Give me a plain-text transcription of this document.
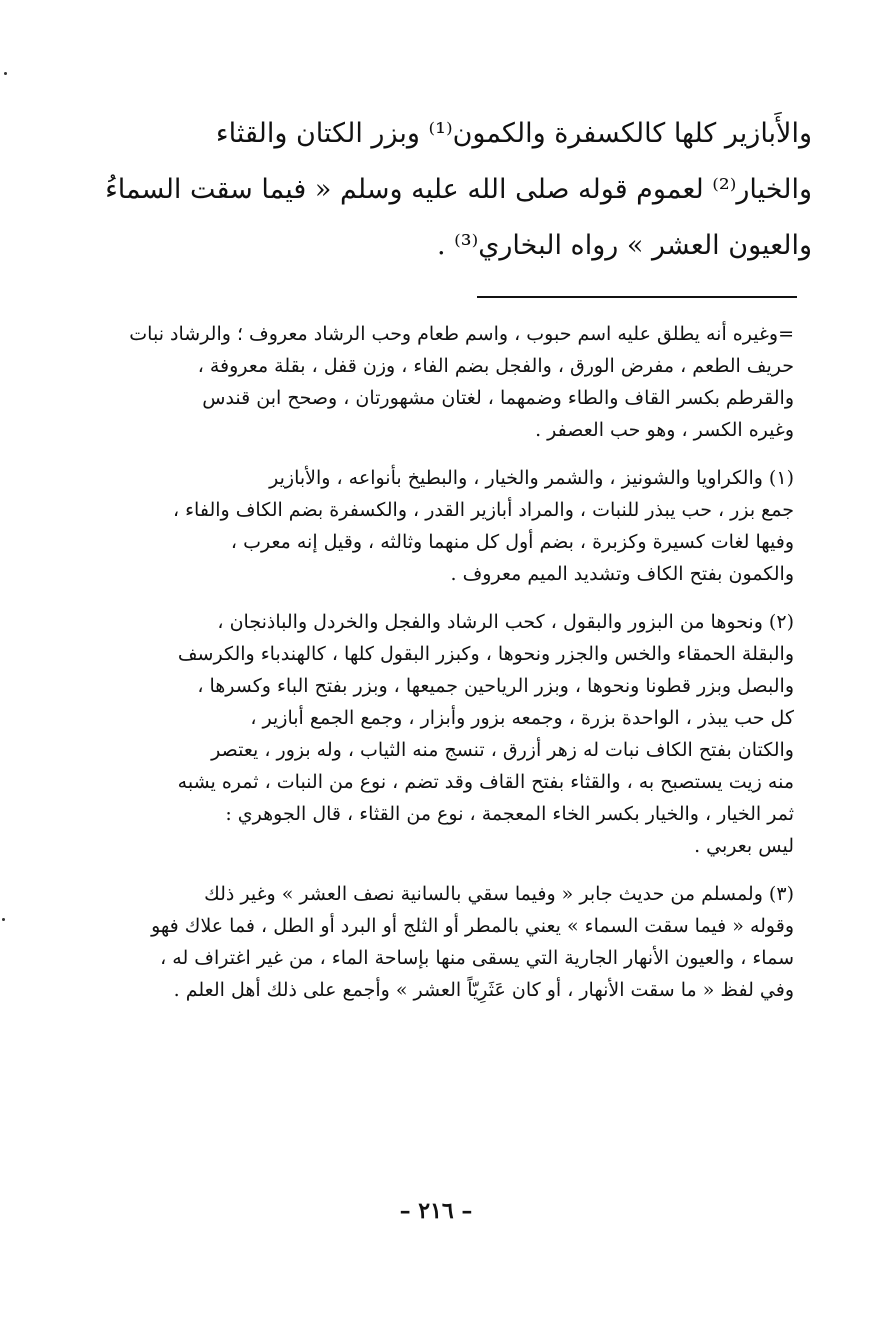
والأَبازير كلها كالكسفرة والكمون⁽¹⁾ وبزر الكتان والقثاء
والخيار⁽²⁾ لعموم قوله صلى الله عليه وسلم « فيما سقت السماءُ
والعيون العشر » رواه البخاري⁽³⁾ .
=وغيره أنه يطلق عليه اسم حبوب ، واسم طعام وحب الرشاد معروف ؛ والرشاد نبات
حريف الطعم ، مفرض الورق ، والفجل بضم الفاء ، وزن قفل ، بقلة معروفة ،
والقرطم بكسر القاف والطاء وضمهما ، لغتان مشهورتان ، وصحح ابن قندس
وغيره الكسر ، وهو حب العصفر .
(١) والكراويا والشونيز ، والشمر والخيار ، والبطيخ بأنواعه ، والأبازير
جمع بزر ، حب يبذر للنبات ، والمراد أبازير القدر ، والكسفرة بضم الكاف والفاء ،
وفيها لغات كسيرة وكزبرة ، بضم أول كل منهما وثالثه ، وقيل إنه معرب ،
والكمون بفتح الكاف وتشديد الميم معروف .
(٢) ونحوها من البزور والبقول ، كحب الرشاد والفجل والخردل والباذنجان ،
والبقلة الحمقاء والخس والجزر ونحوها ، وكبزر البقول كلها ، كالهندباء والكرسف
والبصل وبزر قطونا ونحوها ، وبزر الرياحين جميعها ، وبزر بفتح الباء وكسرها ،
كل حب يبذر ، الواحدة بزرة ، وجمعه بزور وأبزار ، وجمع الجمع أبازير ،
والكتان بفتح الكاف نبات له زهر أزرق ، تنسج منه الثياب ، وله بزور ، يعتصر
منه زيت يستصبح به ، والقثاء بفتح القاف وقد تضم ، نوع من النبات ، ثمره يشبه
ثمر الخيار ، والخيار بكسر الخاء المعجمة ، نوع من القثاء ، قال الجوهري :
ليس بعربي .
(٣) ولمسلم من حديث جابر « وفيما سقي بالسانية نصف العشر » وغير ذلك
وقوله « فيما سقت السماء » يعني بالمطر أو الثلج أو البرد أو الطل ، فما علاك فهو
سماء ، والعيون الأنهار الجارية التي يسقى منها بإساحة الماء ، من غير اغتراف له ،
وفي لفظ « ما سقت الأنهار ، أو كان عَثَرِيّاً العشر » وأجمع على ذلك أهل العلم .
– ٢١٦ –
